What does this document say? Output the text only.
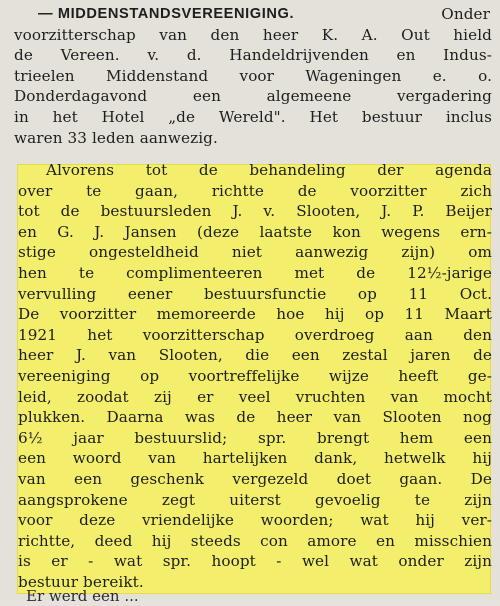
— MIDDENSTANDSVEREENIGING.	Onder
voorzitterschap van den heer K. A. Out hield
de Vereen. v. d. Handeldrijvenden en Indus-
trieelen Middenstand voor Wageningen e. o.
Donderdagavond een algemeene vergadering
in het Hotel „de Wereld". Het bestuur inclus
waren 33 leden aanwezig.
Alvorens tot de behandeling der agenda
over te gaan, richtte de voorzitter zich
tot de bestuursleden J. v. Slooten, J. P. Beijer
en G. J. Jansen (deze laatste kon wegens ern-
stige ongesteldheid niet aanwezig zijn) om
hen te complimenteeren met de 12½-jarige
vervulling eener bestuursfunctie op 11 Oct.
De voorzitter memoreerde hoe hij op 11 Maart
1921 het voorzitterschap overdroeg aan den
heer J. van Slooten, die een zestal jaren de
vereeniging op voortreffelijke wijze heeft ge-
leid, zoodat zij er veel vruchten van mocht
plukken. Daarna was de heer van Slooten nog
6½ jaar bestuurslid; spr. brengt hem een
een woord van hartelijken dank, hetwelk hij
van een geschenk vergezeld doet gaan. De
aangsprokene zegt uiterst gevoelig te zijn
voor deze vriendelijke woorden; wat hij ver-
richtte, deed hij steeds con amore en misschien
is er - wat spr. hoopt - wel wat onder zijn
bestuur bereikt.
Er werd een ...
